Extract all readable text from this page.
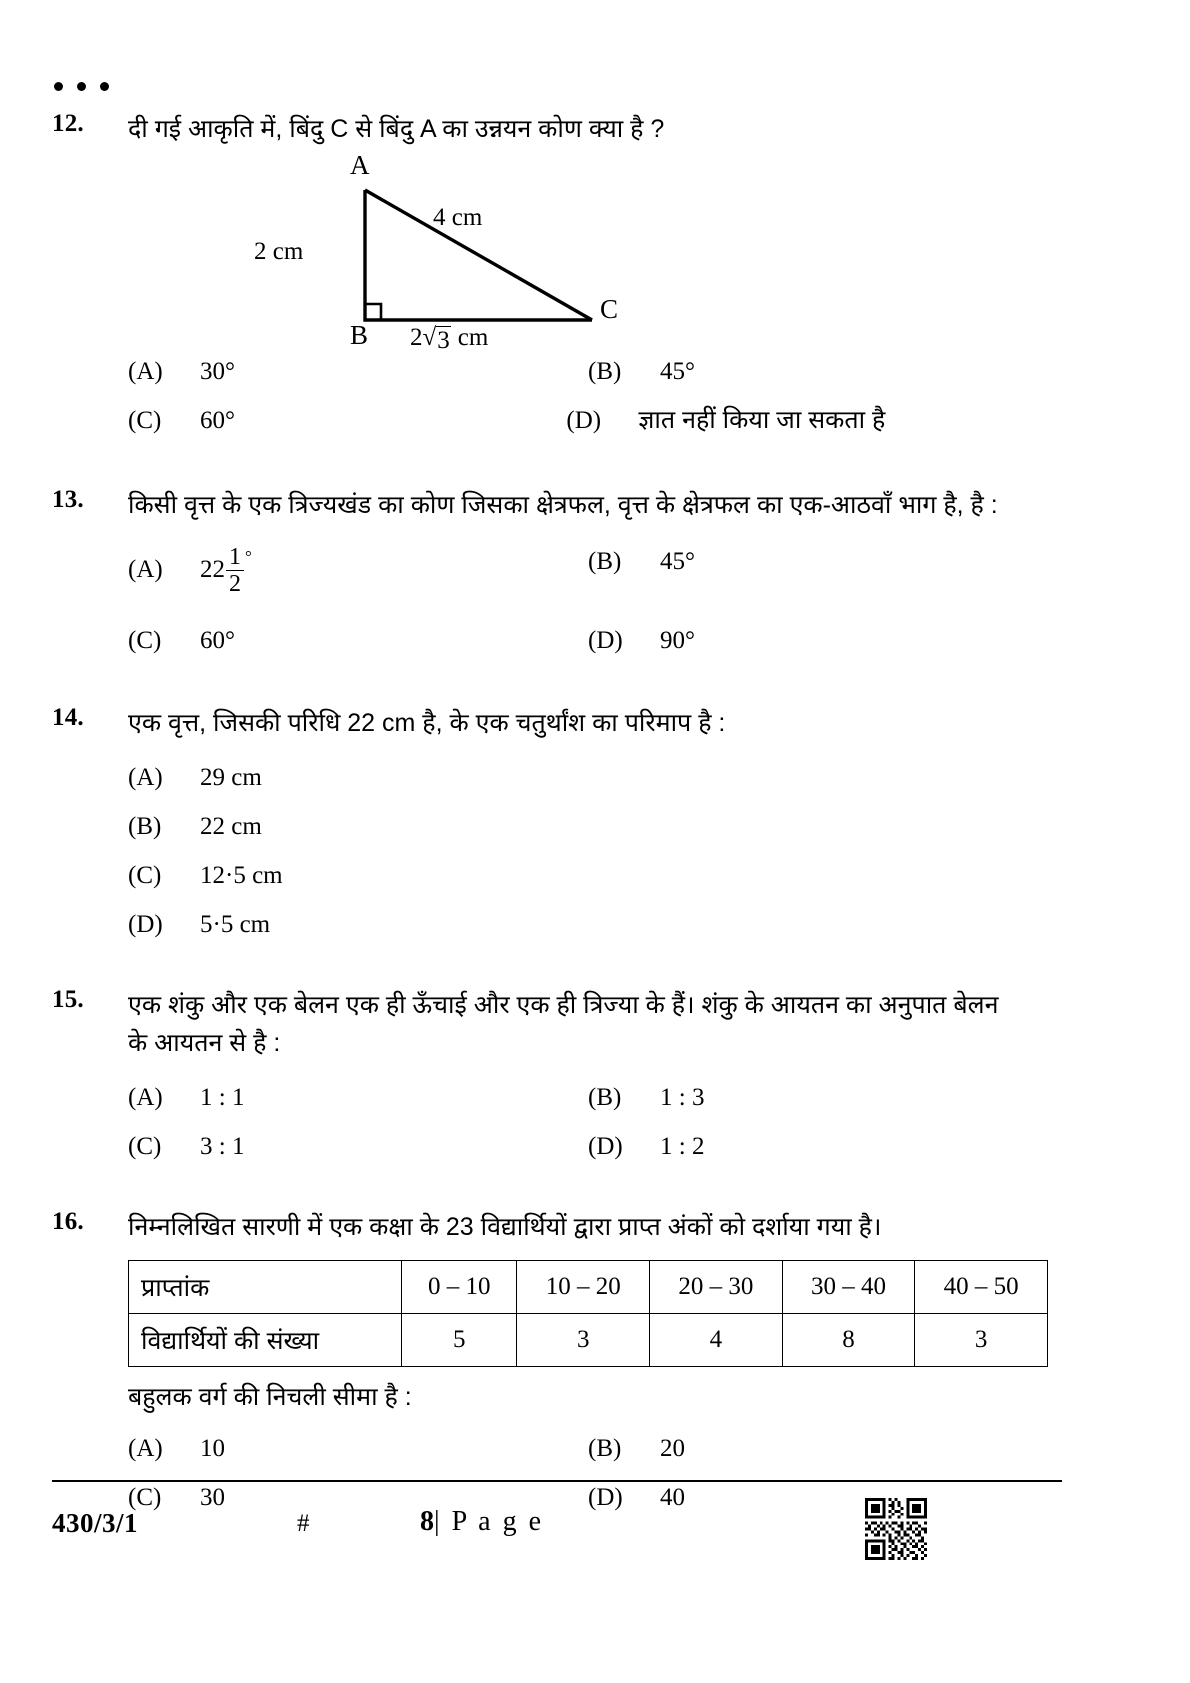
12.	दी गई आकृति में, बिंदु C से बिंदु A का उन्नयन कोण क्या है ?
A
B
C
2 cm
4 cm
2 √ 3 cm
(A)	30°	(B)	45°
(C)	60°	(D)	ज्ञात नहीं किया जा सकता है
13.	किसी वृत्त के एक त्रिज्यखंड का कोण जिसका क्षेत्रफल, वृत्त के क्षेत्रफल का एक-आठवाँ भाग है, है :
(A)	$22 \frac{1}{2}$ °	(B)	45°
(C)	60°	(D)	90°
14.	एक वृत्त, जिसकी परिधि 22 cm है, के एक चतुर्थांश का परिमाप है :
(A)	29 cm
(B)	22 cm
(C)	12·5 cm
(D)	5·5 cm
15.	एक शंकु और एक बेलन एक ही ऊँचाई और एक ही त्रिज्या के हैं। शंकु के आयतन का अनुपात बेलन
के आयतन से है :
(A)	1 : 1	(B)	1 : 3
(C)	3 : 1	(D)	1 : 2
16.	निम्नलिखित सारणी में एक कक्षा के 23 विद्यार्थियों द्वारा प्राप्त अंकों को दर्शाया गया है।
प्राप्तांक	0 – 10	10 – 20	20 – 30	30 – 40	40 – 50
विद्यार्थियों की संख्या	5	3	4	8	3
बहुलक वर्ग की निचली सीमा है :
(A)	10	(B)	20
(C)	30	(D)	40
430/3/1	#	8| P a g e
